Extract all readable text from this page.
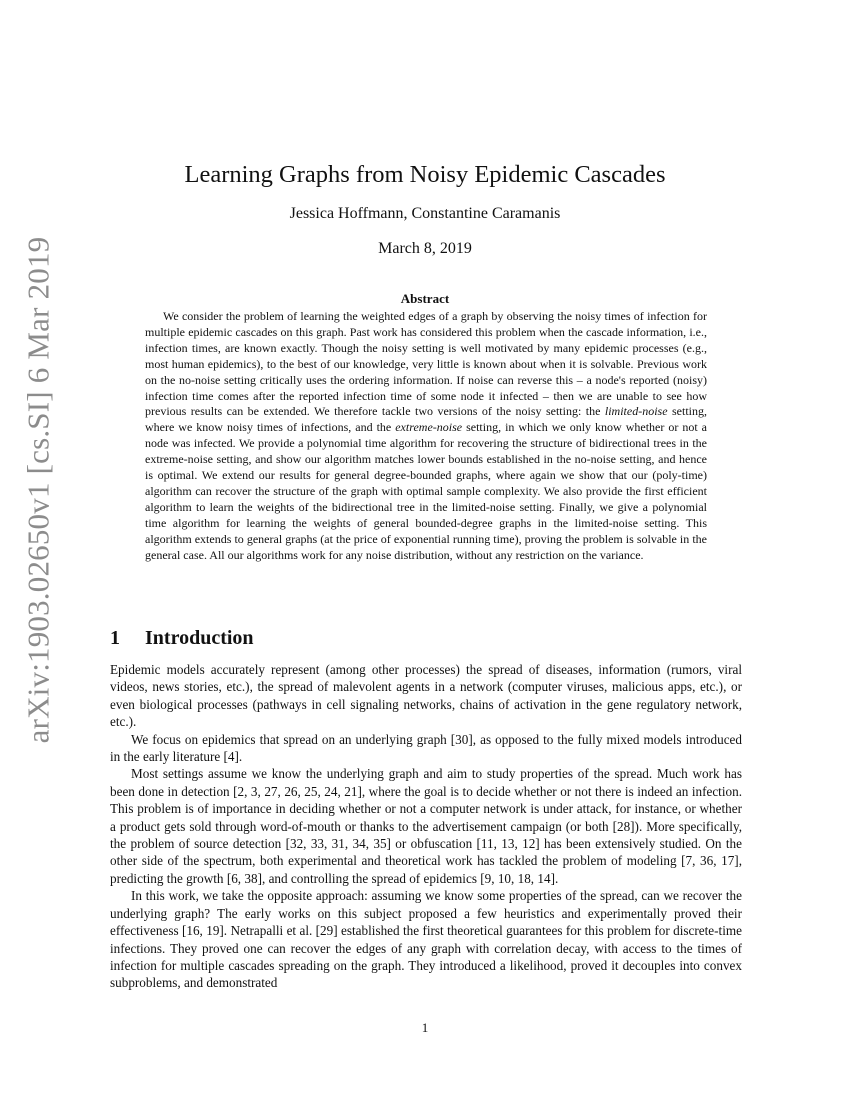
arXiv:1903.02650v1 [cs.SI] 6 Mar 2019
Learning Graphs from Noisy Epidemic Cascades
Jessica Hoffmann, Constantine Caramanis
March 8, 2019
Abstract

We consider the problem of learning the weighted edges of a graph by observing the noisy times of infection for multiple epidemic cascades on this graph. Past work has considered this problem when the cascade information, i.e., infection times, are known exactly. Though the noisy setting is well motivated by many epidemic processes (e.g., most human epidemics), to the best of our knowledge, very little is known about when it is solvable. Previous work on the no-noise setting critically uses the ordering information. If noise can reverse this – a node's reported (noisy) infection time comes after the reported infection time of some node it infected – then we are unable to see how previous results can be extended. We therefore tackle two versions of the noisy setting: the limited-noise setting, where we know noisy times of infections, and the extreme-noise setting, in which we only know whether or not a node was infected. We provide a polynomial time algorithm for recovering the structure of bidirectional trees in the extreme-noise setting, and show our algorithm matches lower bounds established in the no-noise setting, and hence is optimal. We extend our results for general degree-bounded graphs, where again we show that our (poly-time) algorithm can recover the structure of the graph with optimal sample complexity. We also provide the first efficient algorithm to learn the weights of the bidirectional tree in the limited-noise setting. Finally, we give a polynomial time algorithm for learning the weights of general bounded-degree graphs in the limited-noise setting. This algorithm extends to general graphs (at the price of exponential running time), proving the problem is solvable in the general case. All our algorithms work for any noise distribution, without any restriction on the variance.

1 Introduction

Epidemic models accurately represent (among other processes) the spread of diseases, information (rumors, viral videos, news stories, etc.), the spread of malevolent agents in a network (computer viruses, malicious apps, etc.), or even biological processes (pathways in cell signaling networks, chains of activation in the gene regulatory network, etc.).

We focus on epidemics that spread on an underlying graph [30], as opposed to the fully mixed models introduced in the early literature [4].

Most settings assume we know the underlying graph and aim to study properties of the spread. Much work has been done in detection [2, 3, 27, 26, 25, 24, 21], where the goal is to decide whether or not there is indeed an infection. This problem is of importance in deciding whether or not a computer network is under attack, for instance, or whether a product gets sold through word-of-mouth or thanks to the advertisement campaign (or both [28]). More specifically, the problem of source detection [32, 33, 31, 34, 35] or obfuscation [11, 13, 12] has been extensively studied. On the other side of the spectrum, both experimental and theoretical work has tackled the problem of modeling [7, 36, 17], predicting the growth [6, 38], and controlling the spread of epidemics [9, 10, 18, 14].

In this work, we take the opposite approach: assuming we know some properties of the spread, can we recover the underlying graph? The early works on this subject proposed a few heuristics and experimentally proved their effectiveness [16, 19]. Netrapalli et al. [29] established the first theoretical guarantees for this problem for discrete-time infections. They proved one can recover the edges of any graph with correlation decay, with access to the times of infection for multiple cascades spreading on the graph. They introduced a likelihood, proved it decouples into convex subproblems, and demonstrated

1
